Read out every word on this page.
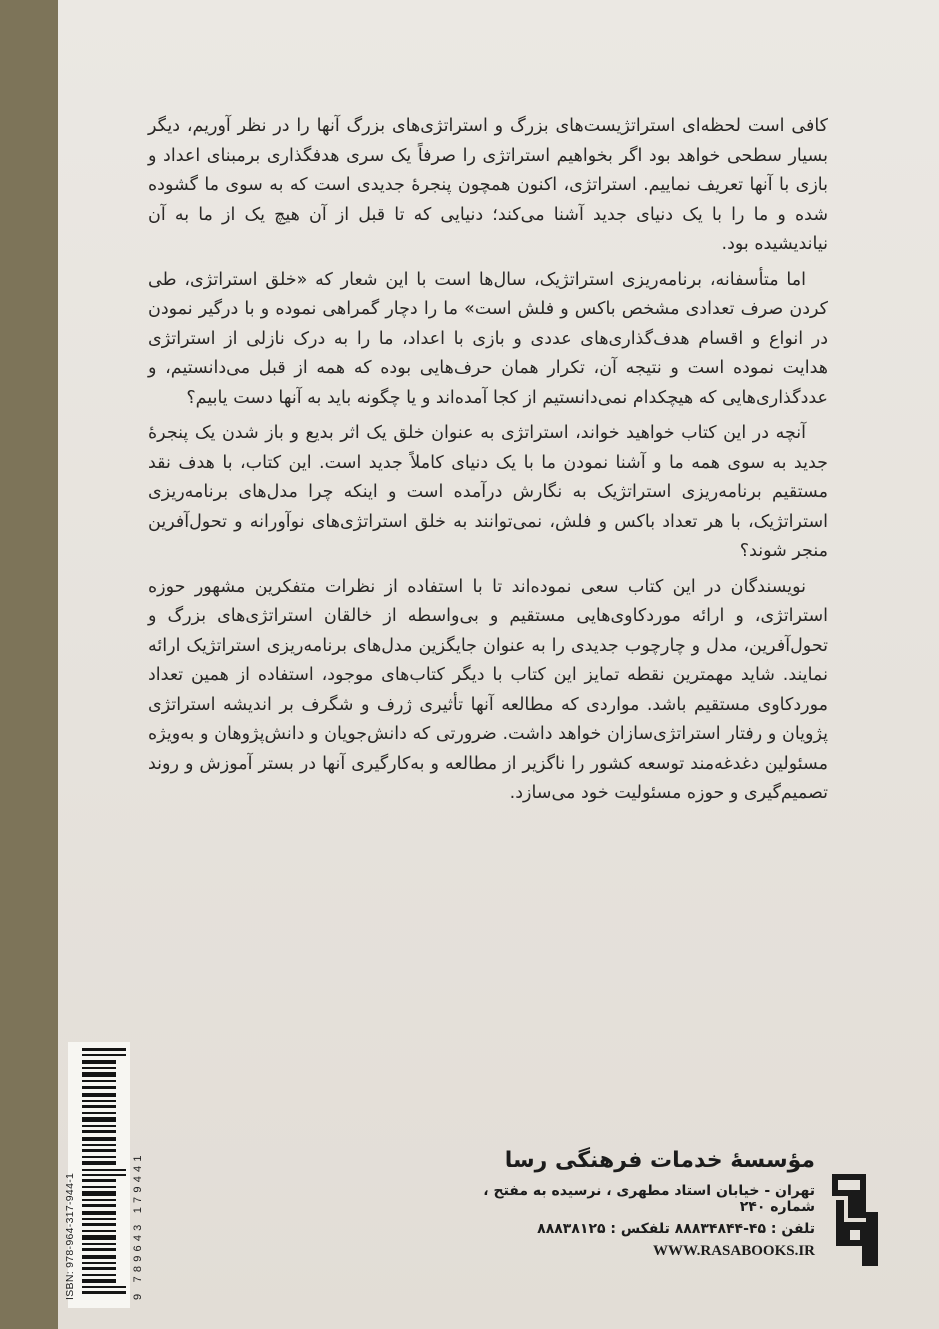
کافی است لحظه‌ای استراتژیست‌های بزرگ و استراتژی‌های بزرگ آنها را در نظر آوریم، دیگر بسیار سطحی خواهد بود اگر بخواهیم استراتژی را صرفاً یک سری هدفگذاری برمبنای اعداد و بازی با آنها تعریف نماییم. استراتژی، اکنون همچون پنجرهٔ جدیدی است که به سوی ما گشوده شده و ما را با یک دنیای جدید آشنا می‌کند؛ دنیایی که تا قبل از آن هیچ یک از ما به آن نیاندیشیده بود.

اما متأسفانه، برنامه‌ریزی استراتژیک، سال‌ها است با این شعار که «خلق استراتژی، طی کردن صرف تعدادی مشخص باکس و فلش است» ما را دچار گمراهی نموده و با درگیر نمودن در انواع و اقسام هدف‌گذاری‌های عددی و بازی با اعداد، ما را به درک نازلی از استراتژی هدایت نموده است و نتیجه آن، تکرار همان حرف‌هایی بوده که همه از قبل می‌دانستیم، و عددگذاری‌هایی که هیچکدام نمی‌دانستیم از کجا آمده‌اند و یا چگونه باید به آنها دست یابیم؟

آنچه در این کتاب خواهید خواند، استراتژی به عنوان خلق یک اثر بدیع و باز شدن یک پنجرهٔ جدید به سوی همه ما و آشنا نمودن ما با یک دنیای کاملاً جدید است. این کتاب، با هدف نقد مستقیم برنامه‌ریزی استراتژیک به نگارش درآمده است و اینکه چرا مدل‌های برنامه‌ریزی استراتژیک، با هر تعداد باکس و فلش، نمی‌توانند به خلق استراتژی‌های نوآورانه و تحول‌آفرین منجر شوند؟

نویسندگان در این کتاب سعی نموده‌اند تا با استفاده از نظرات متفکرین مشهور حوزه استراتژی، و ارائه موردکاوی‌هایی مستقیم و بی‌واسطه از خالقان استراتژی‌های بزرگ و تحول‌آفرین، مدل و چارچوب جدیدی را به عنوان جایگزین مدل‌های برنامه‌ریزی استراتژیک ارائه نمایند. شاید مهمترین نقطه تمایز این کتاب با دیگر کتاب‌های موجود، استفاده از همین تعداد موردکاوی مستقیم باشد. مواردی که مطالعه آنها تأثیری ژرف و شگرف بر اندیشه استراتژی پژویان و رفتار استراتژی‌سازان خواهد داشت. ضرورتی که دانش‌جویان و دانش‌پژوهان و به‌ویژه مسئولین دغدغه‌مند توسعه کشور را ناگزیر از مطالعه و به‌کارگیری آنها در بستر آموزش و روند تصمیم‌گیری و حوزه مسئولیت خود می‌سازد.

ISBN: 978-964-317-944-1	9 789643 179441	مؤسسهٔ خدمات فرهنگی رسا
تهران - خیابان استاد مطهری ، نرسیده به مفتح ، شماره ۲۴۰
تلفن : ۴۵-۸۸۸۳۴۸۴۴ تلفکس : ۸۸۸۳۸۱۲۵
WWW.RASABOOKS.IR
